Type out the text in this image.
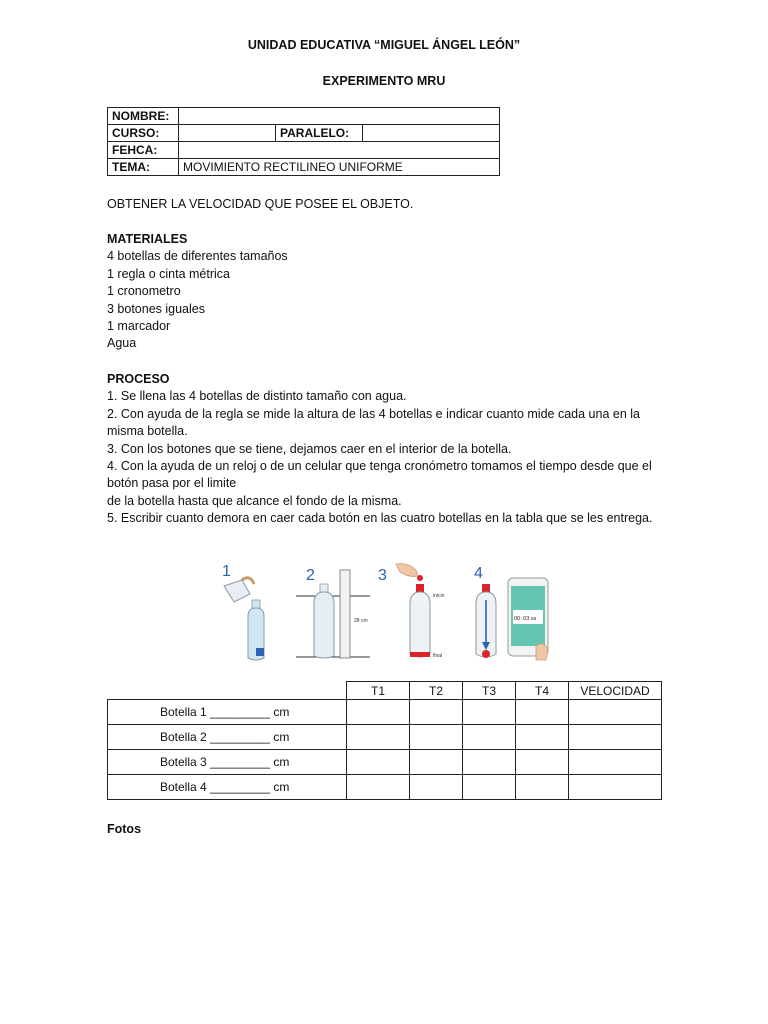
UNIDAD EDUCATIVA “MIGUEL ÁNGEL LEÓN”
EXPERIMENTO MRU
NOMBRE:			
CURSO:		PARALELO:	
FEHCA:			
TEMA:	MOVIMIENTO RECTILINEO UNIFORME		
OBTENER LA VELOCIDAD QUE POSEE EL OBJETO.
MATERIALES
4 botellas de diferentes tamaños
1 regla o cinta métrica
1 cronometro
3 botones iguales
1 marcador
Agua
PROCESO
1. Se llena las 4 botellas de distinto tamaño con agua.
2. Con ayuda de la regla se mide la altura de las 4 botellas e indicar cuanto mide cada una en la
misma botella.
3. Con los botones que se tiene, dejamos caer en el interior de la botella.
4. Con la ayuda de un reloj o de un celular que tenga cronómetro tomamos el tiempo desde que el
botón pasa por el limite
de la botella hasta que alcance el fondo de la misma.
5. Escribir cuanto demora en caer cada botón en las cuatro botellas en la tabla que se les entrega.
1	2	3	4
28 cm
inicio
final
00: 03 ss
	T1	T2	T3	T4	VELOCIDAD
Botella 1 _________ cm					
Botella 2 _________ cm					
Botella 3 _________ cm					
Botella 4 _________ cm					
Fotos
